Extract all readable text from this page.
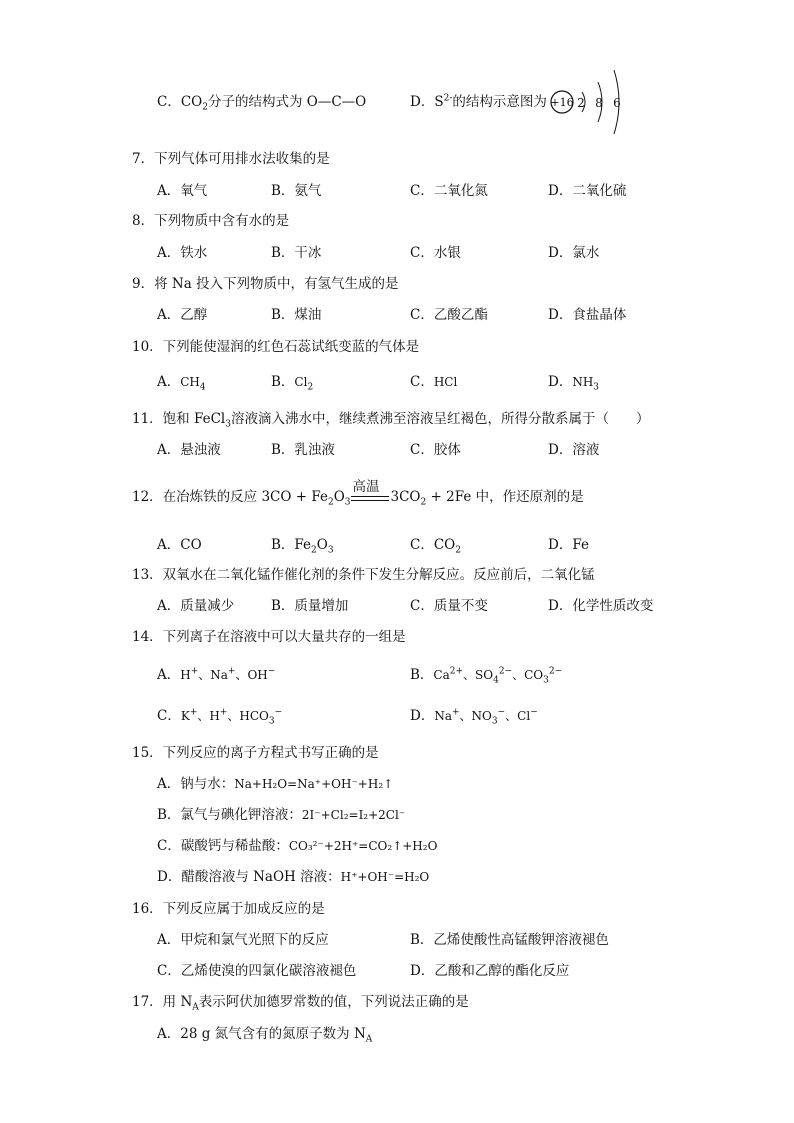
C．$CO_2$分子的结构式为 O—C—O	D．$S^{2-}$的结构示意图为 +16 2 8 6
7．下列气体可用排水法收集的是
A．氧气	B．氨气	C．二氧化氮	D．二氧化硫
8．下列物质中含有水的是
A．铁水	B．干冰	C．水银	D．氯水
9．将 Na 投入下列物质中，有氢气生成的是
A．乙醇	B．煤油	C．乙酸乙酯	D．食盐晶体
10．下列能使湿润的红色石蕊试纸变蓝的气体是
A．$CH_4$	B．$Cl_2$	C．HCl	D．$NH_3$
11．饱和 FeCl$_3$溶液滴入沸水中，继续煮沸至溶液呈红褐色，所得分散系属于（　　）
A．悬浊液	B．乳浊液	C．胶体	D．溶液
12．在冶炼铁的反应 $3CO + Fe_2O_3$
高温
$3CO_2 + 2Fe$ 中，作还原剂的是
A．CO	B．$Fe_2O_3$	C．$CO_2$	D．Fe
13．双氧水在二氧化锰作催化剂的条件下发生分解反应。反应前后，二氧化锰
A．质量减少	B．质量增加	C．质量不变	D．化学性质改变
14．下列离子在溶液中可以大量共存的一组是
A．H+、Na+、OH−	B．$Ca^{2+}$、$SO_4^{2-}$、$CO_3^{2-}$
C．K+、H+、$HCO_3^-$	D．Na+、$NO_3^-$、Cl−
15．下列反应的离子方程式书写正确的是
A．钠与水：Na+H₂O=Na⁺+OH⁻+H₂↑
B．氯气与碘化钾溶液：2I⁻+Cl₂=I₂+2Cl⁻
C．碳酸钙与稀盐酸：CO₃²⁻+2H⁺=CO₂↑+H₂O
D．醋酸溶液与 NaOH 溶液：H⁺+OH⁻=H₂O
16．下列反应属于加成反应的是
A．甲烷和氯气光照下的反应	B．乙烯使酸性高锰酸钾溶液褪色
C．乙烯使溴的四氯化碳溶液褪色	D．乙酸和乙醇的酯化反应
17．用 $N_A$表示阿伏加德罗常数的值，下列说法正确的是
A．28 g 氮气含有的氮原子数为 $N_A$
